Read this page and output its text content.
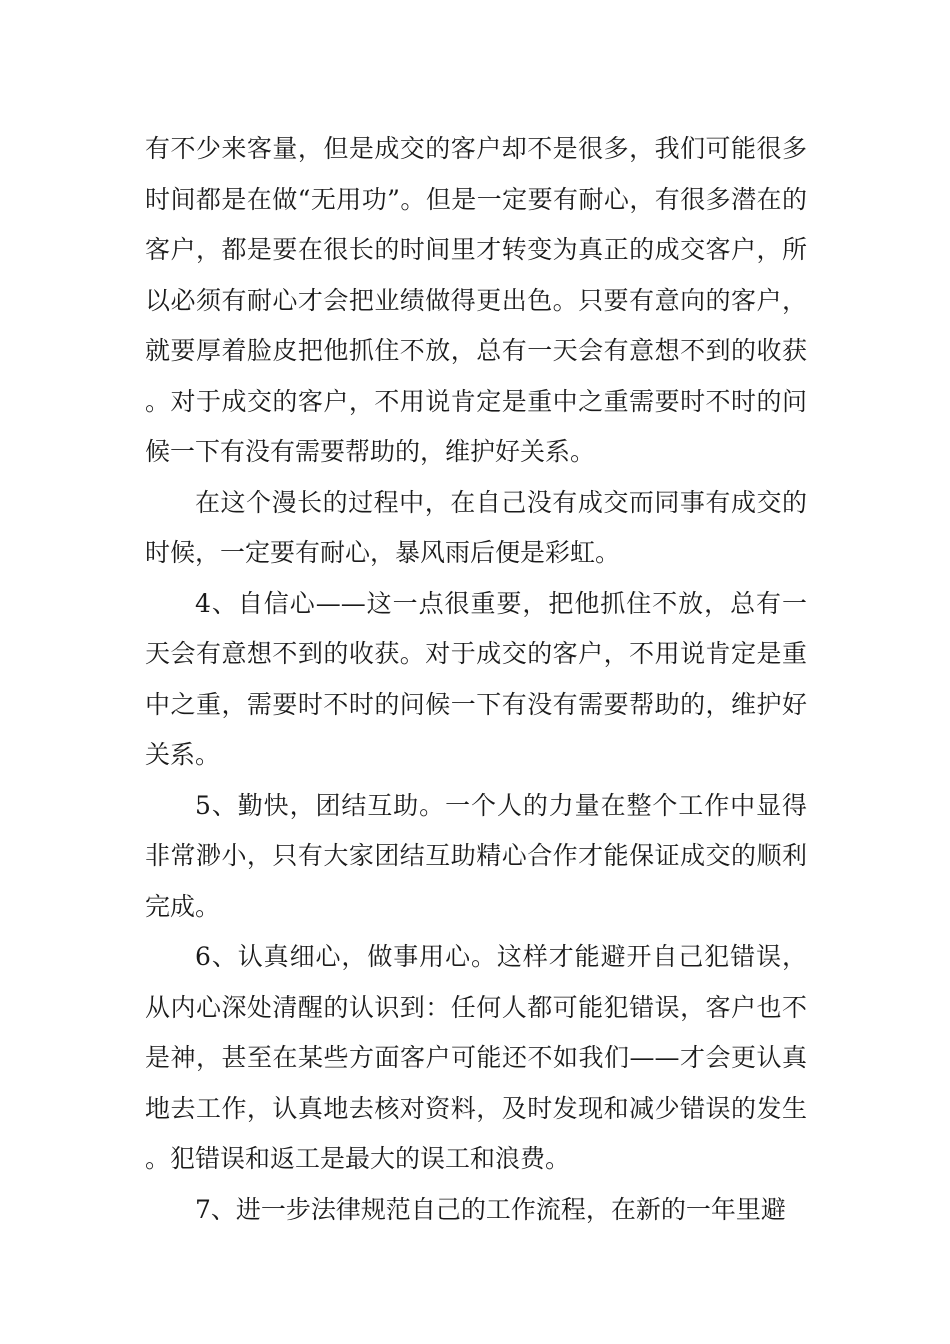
有不少来客量，但是成交的客户却不是很多，我们可能很多时间都是在做“无用功”。但是一定要有耐心，有很多潜在的客户，都是要在很长的时间里才转变为真正的成交客户，所以必须有耐心才会把业绩做得更出色。只要有意向的客户，就要厚着脸皮把他抓住不放，总有一天会有意想不到的收获。对于成交的客户，不用说肯定是重中之重需要时不时的问候一下有没有需要帮助的，维护好关系。

在这个漫长的过程中，在自己没有成交而同事有成交的时候，一定要有耐心，暴风雨后便是彩虹。

4、自信心——这一点很重要，把他抓住不放，总有一天会有意想不到的收获。对于成交的客户，不用说肯定是重中之重，需要时不时的问候一下有没有需要帮助的，维护好关系。

5、勤快，团结互助。一个人的力量在整个工作中显得非常渺小，只有大家团结互助精心合作才能保证成交的顺利完成。

6、认真细心，做事用心。这样才能避开自己犯错误，从内心深处清醒的认识到：任何人都可能犯错误，客户也不是神，甚至在某些方面客户可能还不如我们——才会更认真地去工作，认真地去核对资料，及时发现和减少错误的发生。犯错误和返工是最大的误工和浪费。

7、进一步法律规范自己的工作流程，在新的一年里避
